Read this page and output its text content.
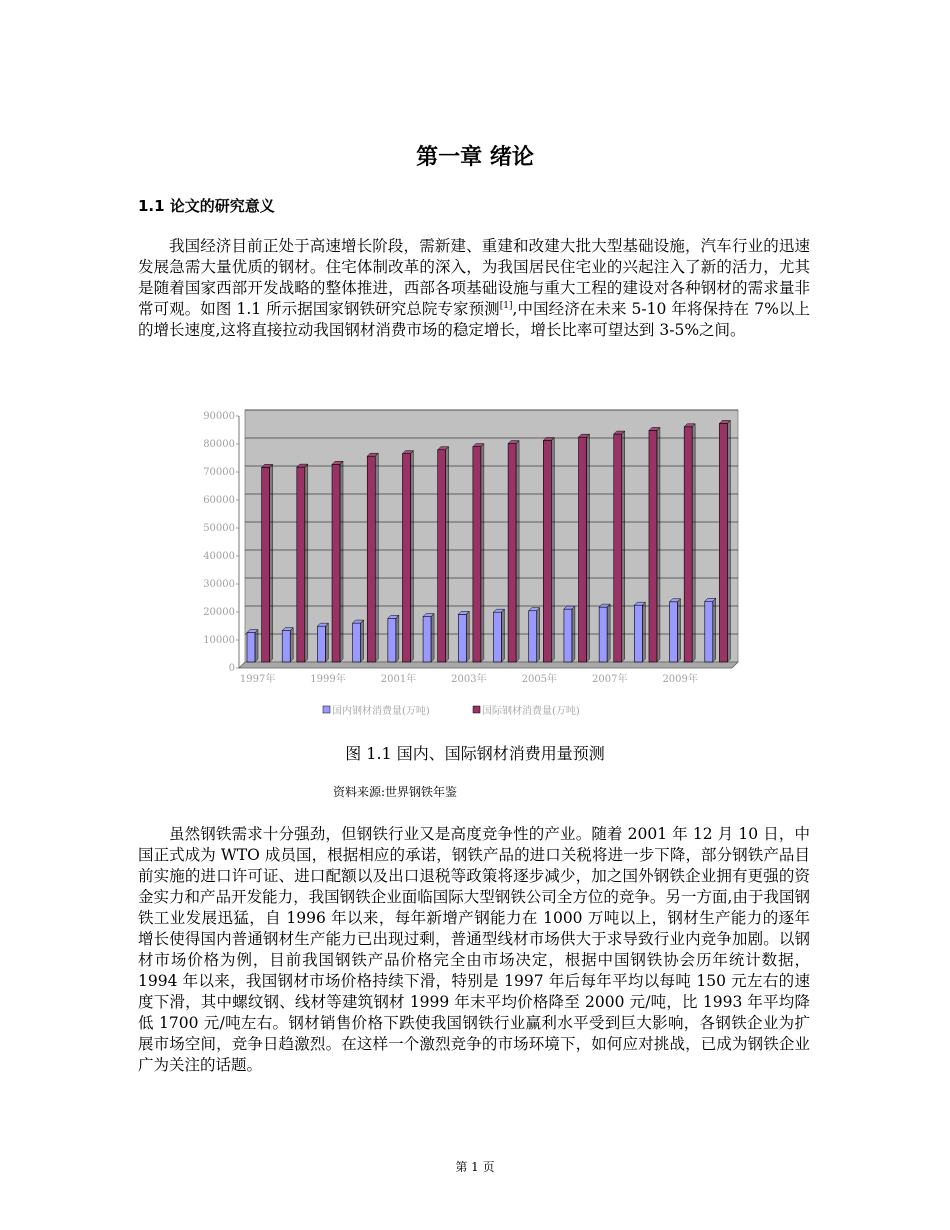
第一章 绪论
1.1 论文的研究意义
我国经济目前正处于高速增长阶段，需新建、重建和改建大批大型基础设施，汽车行业的迅速发展急需大量优质的钢材。住宅体制改革的深入，为我国居民住宅业的兴起注入了新的活力，尤其是随着国家西部开发战略的整体推进，西部各项基础设施与重大工程的建设对各种钢材的需求量非常可观。如图 1.1 所示据国家钢铁研究总院专家预测[1],中国经济在未来 5-10 年将保持在 7%以上的增长速度,这将直接拉动我国钢材消费市场的稳定增长，增长比率可望达到 3-5%之间。
0
10000
20000
30000
40000
50000
60000
70000
80000
90000
1997年	1999年	2001年	2003年	2005年	2007年	2009年
国内钢材消费量(万吨)	国际钢材消费量(万吨)
图 1.1 国内、国际钢材消费用量预测
资料来源:世界钢铁年鉴
虽然钢铁需求十分强劲，但钢铁行业又是高度竞争性的产业。随着 2001 年 12 月 10 日，中国正式成为 WTO 成员国，根据相应的承诺，钢铁产品的进口关税将进一步下降，部分钢铁产品目前实施的进口许可证、进口配额以及出口退税等政策将逐步减少，加之国外钢铁企业拥有更强的资金实力和产品开发能力，我国钢铁企业面临国际大型钢铁公司全方位的竞争。另一方面,由于我国钢铁工业发展迅猛，自 1996 年以来，每年新增产钢能力在 1000 万吨以上，钢材生产能力的逐年增长使得国内普通钢材生产能力已出现过剩，普通型线材市场供大于求导致行业内竞争加剧。以钢材市场价格为例，目前我国钢铁产品价格完全由市场决定，根据中国钢铁协会历年统计数据，1994 年以来，我国钢材市场价格持续下滑，特别是 1997 年后每年平均以每吨 150 元左右的速度下滑，其中螺纹钢、线材等建筑钢材 1999 年末平均价格降至 2000 元/吨，比 1993 年平均降低 1700 元/吨左右。钢材销售价格下跌使我国钢铁行业赢利水平受到巨大影响，各钢铁企业为扩展市场空间，竞争日趋激烈。在这样一个激烈竞争的市场环境下，如何应对挑战，已成为钢铁企业广为关注的话题。
第 1 页
